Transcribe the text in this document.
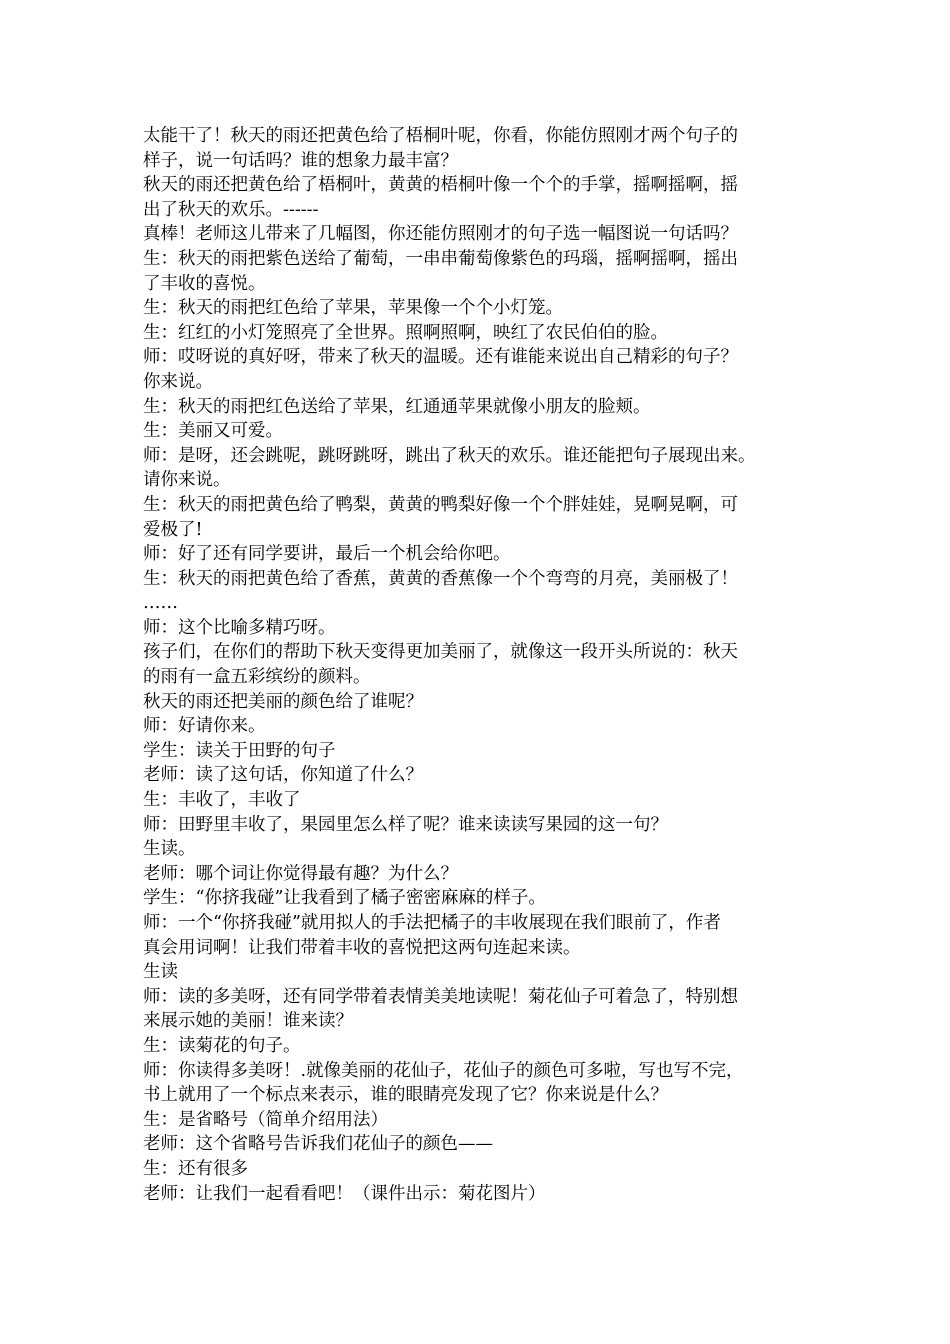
太能干了！秋天的雨还把黄色给了梧桐叶呢，你看，你能仿照刚才两个句子的

样子，说一句话吗？谁的想象力最丰富？

秋天的雨还把黄色给了梧桐叶，黄黄的梧桐叶像一个个的手掌，摇啊摇啊，摇

出了秋天的欢乐。------

真棒！老师这儿带来了几幅图，你还能仿照刚才的句子选一幅图说一句话吗？

生：秋天的雨把紫色送给了葡萄，一串串葡萄像紫色的玛瑙，摇啊摇啊，摇出

了丰收的喜悦。

生：秋天的雨把红色给了苹果，苹果像一个个小灯笼。

生：红红的小灯笼照亮了全世界。照啊照啊，映红了农民伯伯的脸。

师：哎呀说的真好呀，带来了秋天的温暖。还有谁能来说出自己精彩的句子？

你来说。

生：秋天的雨把红色送给了苹果，红通通苹果就像小朋友的脸颊。

生：美丽又可爱。

师：是呀，还会跳呢，跳呀跳呀，跳出了秋天的欢乐。谁还能把句子展现出来。

请你来说。

生：秋天的雨把黄色给了鸭梨，黄黄的鸭梨好像一个个胖娃娃，晃啊晃啊，可

爱极了!

师：好了还有同学要讲，最后一个机会给你吧。

生：秋天的雨把黄色给了香蕉，黄黄的香蕉像一个个弯弯的月亮，美丽极了！

……

师：这个比喻多精巧呀。

孩子们，在你们的帮助下秋天变得更加美丽了，就像这一段开头所说的：秋天

的雨有一盒五彩缤纷的颜料。

秋天的雨还把美丽的颜色给了谁呢？

师：好请你来。

学生：读关于田野的句子

老师：读了这句话，你知道了什么？

生：丰收了，丰收了

师：田野里丰收了，果园里怎么样了呢？谁来读读写果园的这一句？

生读。

老师：哪个词让你觉得最有趣？为什么？

学生：“你挤我碰”让我看到了橘子密密麻麻的样子。

师：一个“你挤我碰”就用拟人的手法把橘子的丰收展现在我们眼前了，作者

真会用词啊！让我们带着丰收的喜悦把这两句连起来读。

生读

师：读的多美呀，还有同学带着表情美美地读呢！菊花仙子可着急了，特别想

来展示她的美丽！谁来读？

生：读菊花的句子。

师：你读得多美呀！.就像美丽的花仙子，花仙子的颜色可多啦，写也写不完，

书上就用了一个标点来表示，谁的眼睛亮发现了它？你来说是什么？

生：是省略号（简单介绍用法）

老师：这个省略号告诉我们花仙子的颜色——

生：还有很多

老师：让我们一起看看吧！（课件出示：菊花图片）
